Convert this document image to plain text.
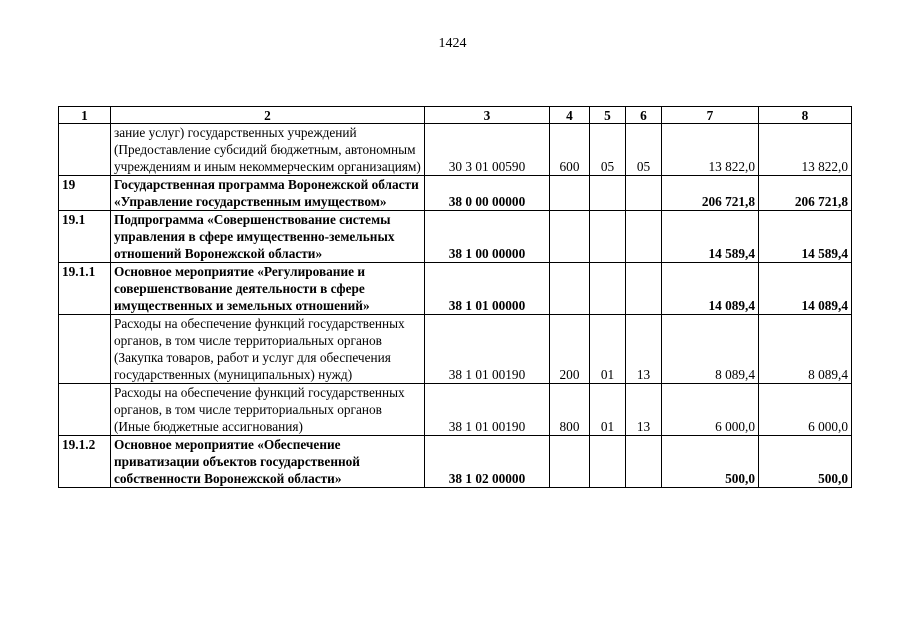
1424
1	2	3	4	5	6	7	8
	зание услуг) государственных учреждений (Предоставление субсидий бюджетным, автономным учреждениям и иным некоммерческим организациям)	30 3 01 00590	600	05	05	13 822,0	13 822,0
19	Государственная программа Воронежской области «Управление государственным имуществом»	38 0 00 00000				206 721,8	206 721,8
19.1	Подпрограмма «Совершенствование системы управления в сфере имущественно-земельных отношений Воронежской области»	38 1 00 00000				14 589,4	14 589,4
19.1.1	Основное мероприятие «Регулирование и совершенствование деятельности в сфере имущественных и земельных отношений»	38 1 01 00000				14 089,4	14 089,4
	Расходы на обеспечение функций государственных органов, в том числе территориальных органов (Закупка товаров, работ и услуг для обеспечения государственных (муниципальных) нужд)	38 1 01 00190	200	01	13	8 089,4	8 089,4
	Расходы на обеспечение функций государственных органов, в том числе территориальных органов (Иные бюджетные ассигнования)	38 1 01 00190	800	01	13	6 000,0	6 000,0
19.1.2	Основное мероприятие «Обеспечение приватизации объектов государственной собственности Воронежской области»	38 1 02 00000				500,0	500,0
